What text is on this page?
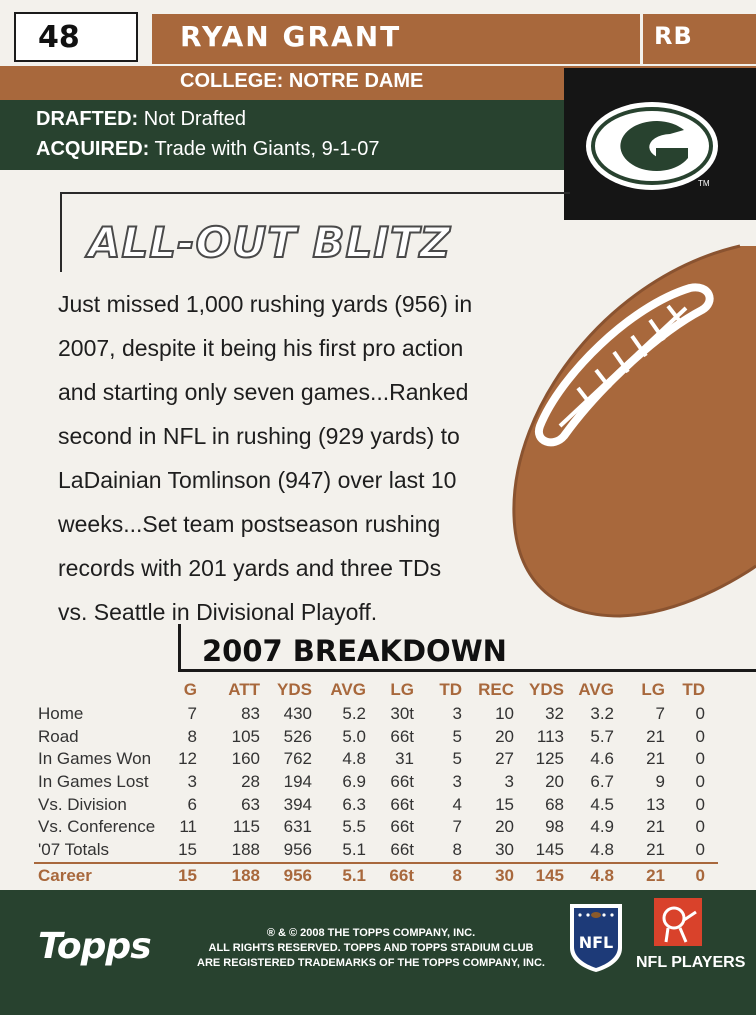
48	RYAN GRANT	RB
COLLEGE: NOTRE DAME
DRAFTED: Not Drafted
ACQUIRED: Trade with Giants, 9-1-07
TM
ALL-OUT BLITZ
Just missed 1,000 rushing yards (956) in
2007, despite it being his first pro action
and starting only seven games...Ranked
second in NFL in rushing (929 yards) to
LaDainian Tomlinson (947) over last 10
weeks...Set team postseason rushing
records with 201 yards and three TDs
vs. Seattle in Divisional Playoff.
2007 BREAKDOWN
G ATT YDS AVG LG TD REC YDS AVG LG TD
Home	7	83 430 5.2 30t 3 10 32 3.2 7 0
Road	8 105 526 5.0 66t 5 20 113 5.7 21 0
In Games Won 12 160 762 4.8 31 5 27 125 4.6 21 0
In Games Lost 3	28 194 6.9 66t 3	3 20 6.7 9 0
Vs. Division	6	63 394 6.3 66t 4 15 68 4.5 13 0
Vs. Conference 11 115 631 5.5 66t 7 20 98 4.9 21 0
'07 Totals	15 188 956 5.1 66t 8 30 145 4.8 21 0
Career	15 188 956 5.1 66t 8 30 145 4.8 21 0
Topps	® & © 2008 THE TOPPS COMPANY, INC.
ALL RIGHTS RESERVED. TOPPS AND TOPPS STADIUM CLUB
ARE REGISTERED TRADEMARKS OF THE TOPPS COMPANY, INC.
NFL
NFL PLAYERS
